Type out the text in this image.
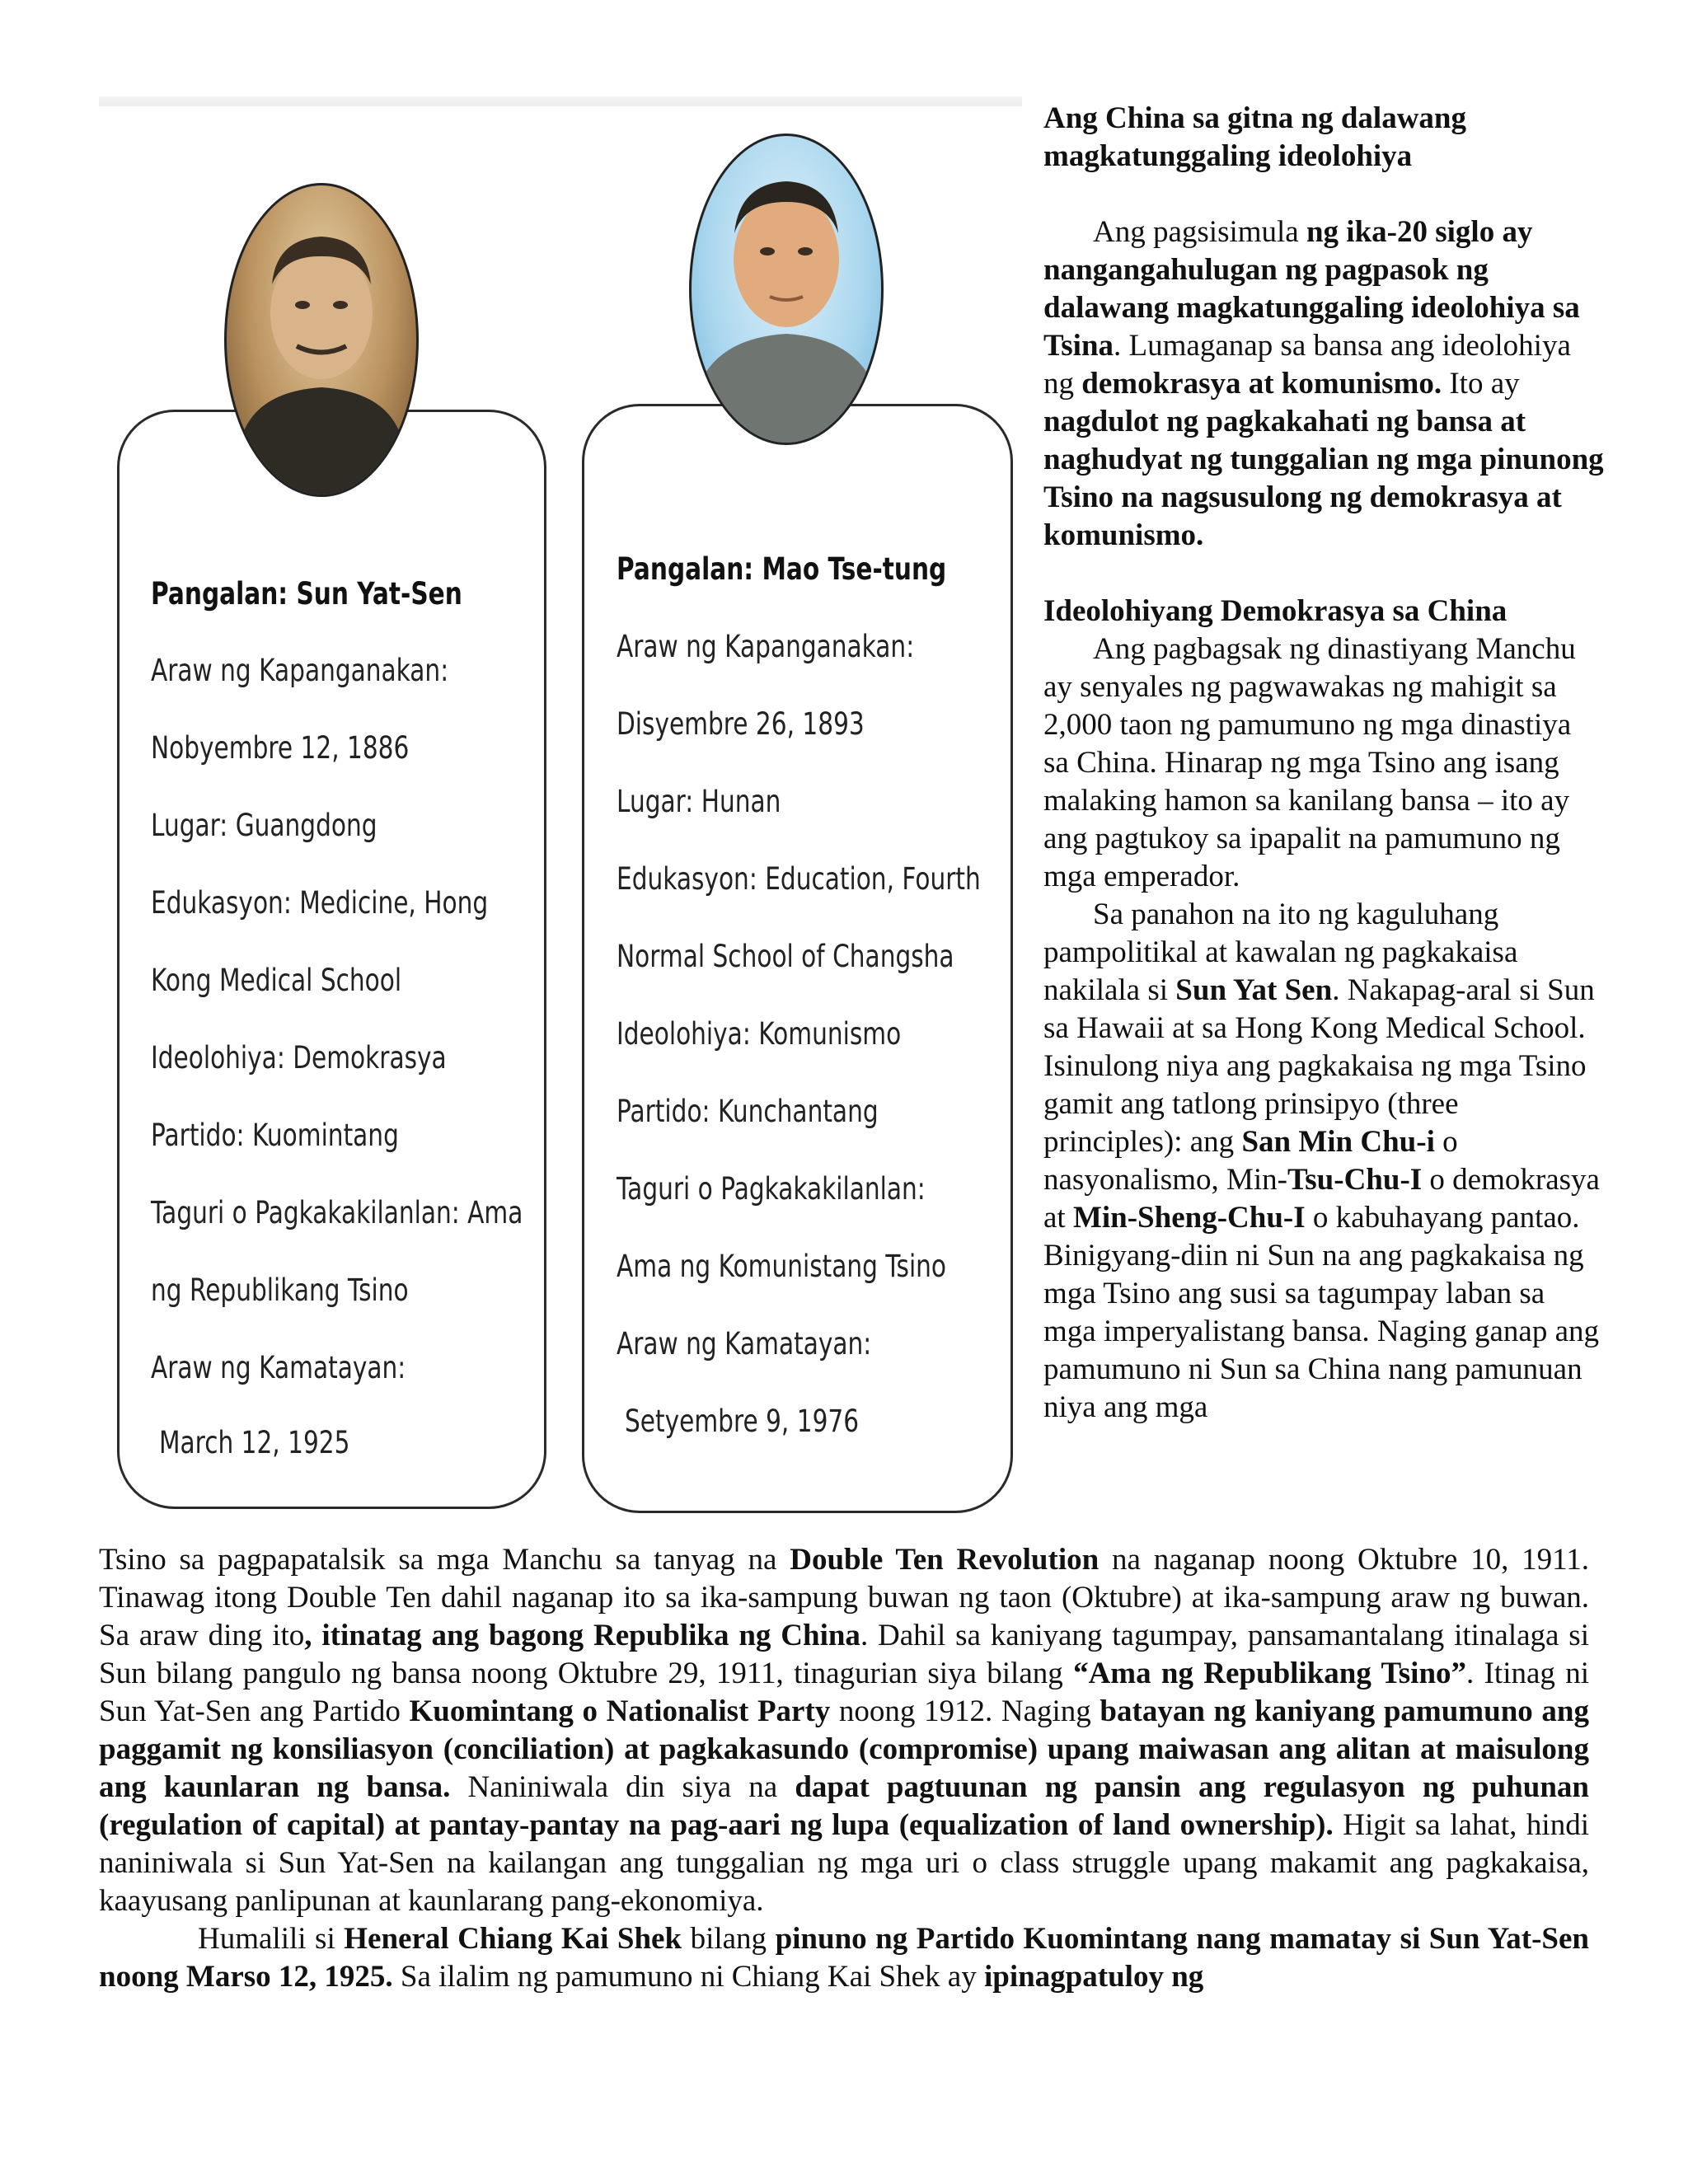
Pangalan: Sun Yat-Sen
Araw ng Kapanganakan:
Nobyembre 12, 1886
Lugar: Guangdong
Edukasyon: Medicine, Hong
Kong Medical School
Ideolohiya: Demokrasya
Partido: Kuomintang
Taguri o Pagkakakilanlan: Ama
ng Republikang Tsino
Araw ng Kamatayan:
March 12, 1925
Pangalan: Mao Tse-tung
Araw ng Kapanganakan:
Disyembre 26, 1893
Lugar: Hunan
Edukasyon: Education, Fourth
Normal School of Changsha
Ideolohiya: Komunismo
Partido: Kunchantang
Taguri o Pagkakakilanlan:
Ama ng Komunistang Tsino
Araw ng Kamatayan:
Setyembre 9, 1976

Ang China sa gitna ng dalawang
magkatunggaling ideolohiya

Ang pagsisimula ng ika-20 siglo ay nangangahulugan ng pagpasok ng dalawang magkatunggaling ideolohiya sa Tsina. Lumaganap sa bansa ang ideolohiya ng demokrasya at komunismo. Ito ay nagdulot ng pagkakahati ng bansa at naghudyat ng tunggalian ng mga pinunong Tsino na nagsusulong ng demokrasya at komunismo.

Ideolohiyang Demokrasya sa China

Ang pagbagsak ng dinastiyang Manchu ay senyales ng pagwawakas ng mahigit sa 2,000 taon ng pamumuno ng mga dinastiya sa China. Hinarap ng mga Tsino ang isang malaking hamon sa kanilang bansa – ito ay ang pagtukoy sa ipapalit na pamumuno ng mga emperador.

Sa panahon na ito ng kaguluhang pampolitikal at kawalan ng pagkakaisa nakilala si Sun Yat Sen. Nakapag-aral si Sun sa Hawaii at sa Hong Kong Medical School. Isinulong niya ang pagkakaisa ng mga Tsino gamit ang tatlong prinsipyo (three principles): ang San Min Chu-i o nasyonalismo, Min-Tsu-Chu-I o demokrasya at Min-Sheng-Chu-I o kabuhayang pantao. Binigyang-diin ni Sun na ang pagkakaisa ng mga Tsino ang susi sa tagumpay laban sa mga imperyalistang bansa. Naging ganap ang pamumuno ni Sun sa China nang pamunuan niya ang mga

Tsino sa pagpapatalsik sa mga Manchu sa tanyag na Double Ten Revolution na naganap noong Oktubre 10, 1911. Tinawag itong Double Ten dahil naganap ito sa ika-sampung buwan ng taon (Oktubre) at ika-sampung araw ng buwan. Sa araw ding ito, itinatag ang bagong Republika ng China. Dahil sa kaniyang tagumpay, pansamantalang itinalaga si Sun bilang pangulo ng bansa noong Oktubre 29, 1911, tinagurian siya bilang “Ama ng Republikang Tsino”. Itinag ni Sun Yat-Sen ang Partido Kuomintang o Nationalist Party noong 1912. Naging batayan ng kaniyang pamumuno ang paggamit ng konsiliasyon (conciliation) at pagkakasundo (compromise) upang maiwasan ang alitan at maisulong ang kaunlaran ng bansa. Naniniwala din siya na dapat pagtuunan ng pansin ang regulasyon ng puhunan (regulation of capital) at pantay-pantay na pag-aari ng lupa (equalization of land ownership). Higit sa lahat, hindi naniniwala si Sun Yat-Sen na kailangan ang tunggalian ng mga uri o class struggle upang makamit ang pagkakaisa, kaayusang panlipunan at kaunlarang pang-ekonomiya.

Humalili si Heneral Chiang Kai Shek bilang pinuno ng Partido Kuomintang nang mamatay si Sun Yat-Sen noong Marso 12, 1925. Sa ilalim ng pamumuno ni Chiang Kai Shek ay ipinagpatuloy ng
